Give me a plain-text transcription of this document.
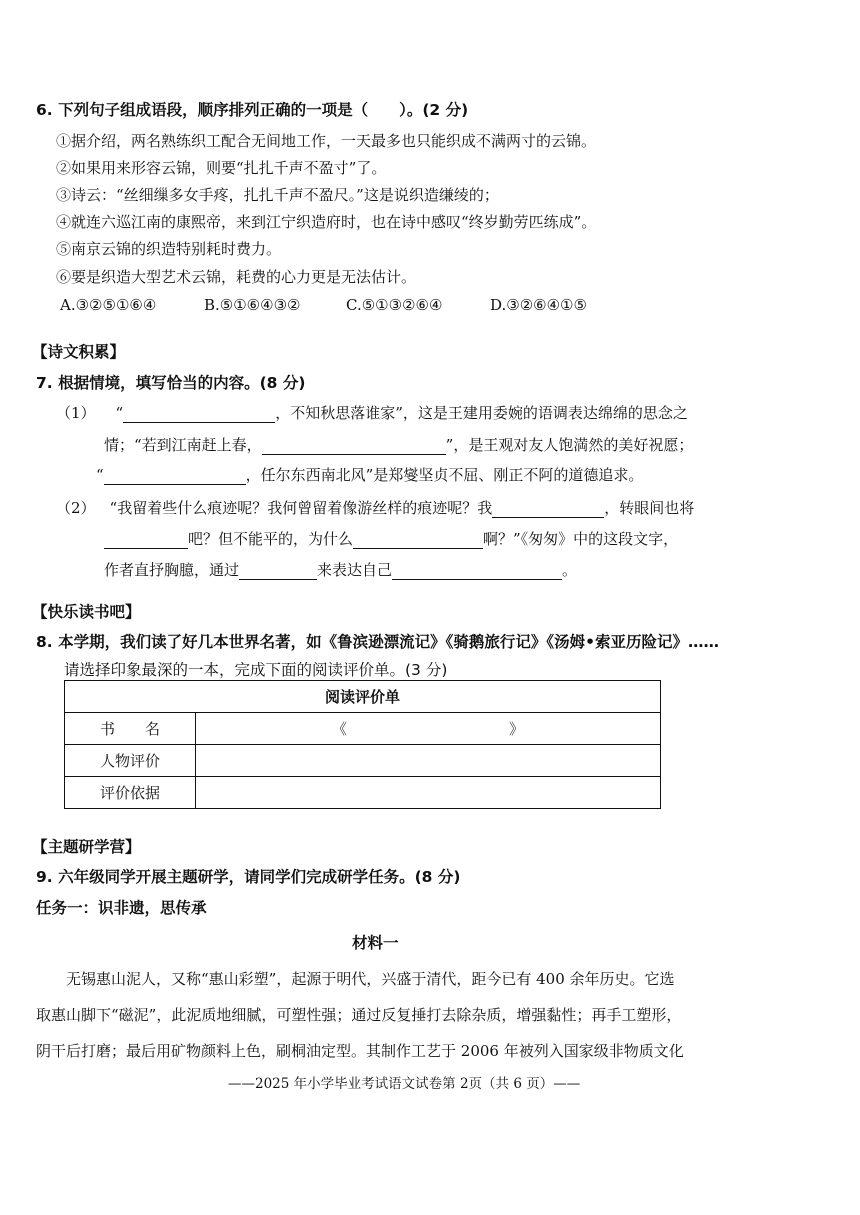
6. 下列句子组成语段，顺序排列正确的一项是（　　）。(2 分)
①据介绍，两名熟练织工配合无间地工作，一天最多也只能织成不满两寸的云锦。
②如果用来形容云锦，则要“扎扎千声不盈寸”了。
③诗云：“丝细缫多女手疼，扎扎千声不盈尺。”这是说织造缣绫的；
④就连六巡江南的康熙帝，来到江宁织造府时，也在诗中感叹“终岁勤劳匹练成”。
⑤南京云锦的织造特别耗时费力。
⑥要是织造大型艺术云锦，耗费的心力更是无法估计。
A.③②⑤①⑥④	B.⑤①⑥④③②	C.⑤①③②⑥④	D.③②⑥④①⑤
【诗文积累】
7. 根据情境，填写恰当的内容。(8 分)
（1） “	，不知秋思落谁家”，这是王建用委婉的语调表达绵绵的思念之
情；“若到江南赶上春，	”，是王观对友人饱満然的美好祝愿；
“	，任尔东西南北风”是郑燮坚贞不屈、刚正不阿的道德追求。
（2） “我留着些什么痕迹呢？我何曾留着像游丝样的痕迹呢？我	，转眼间也将
吧？但不能平的，为什么	啊？”《匆匆》中的这段文字，
作者直抒胸臆，通过	来表达自己	。
【快乐读书吧】
8. 本学期，我们读了好几本世界名著，如《鲁滨逊漂流记》《骑鹅旅行记》《汤姆•索亚历险记》……
请选择印象最深的一本，完成下面的阅读评价单。(3 分)
阅读评价单	
书　　名	《 》

人物评价	
评价依据	
【主题研学营】
9. 六年级同学开展主题研学，请同学们完成研学任务。(8 分)
任务一：识非遗，思传承
材料一
无锡惠山泥人，又称“惠山彩塑”，起源于明代，兴盛于清代，距今已有 400 余年历史。它选
取惠山脚下“磁泥”，此泥质地细腻，可塑性强；通过反复捶打去除杂质，增强黏性；再手工塑形，
阴干后打磨；最后用矿物颜料上色，刷桐油定型。其制作工艺于 2006 年被列入国家级非物质文化
——2025 年小学毕业考试语文试卷第 2页（共 6 页）——
